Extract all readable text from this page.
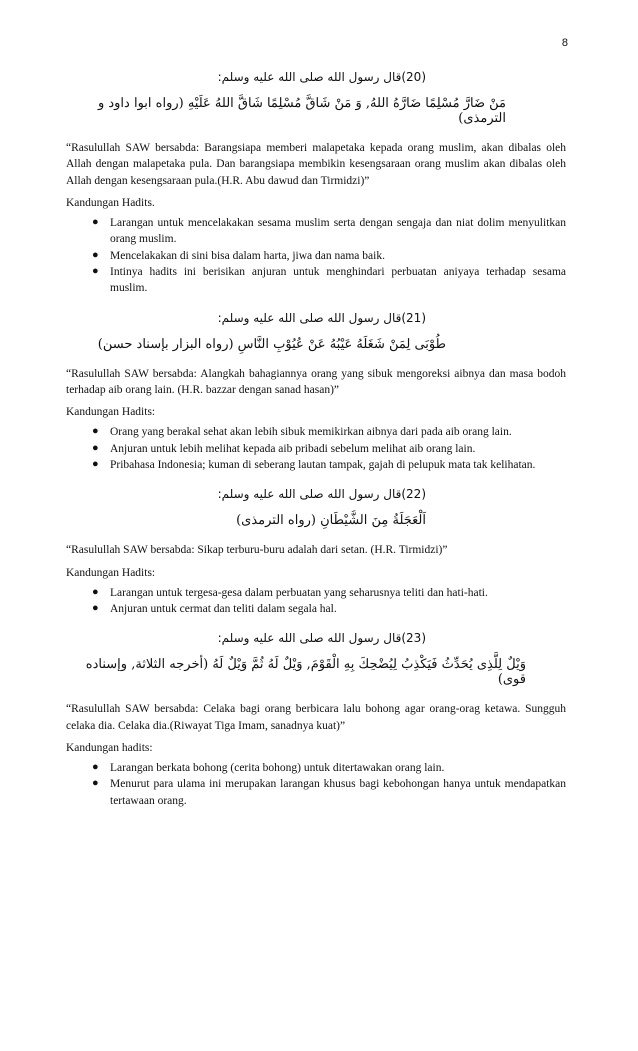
8
(20)قال رسول الله صلى الله عليه وسلم:
مَنْ ضَارَّ مُسْلِمًا ضَارَّهُ اللهُ, وَ مَنْ شَاقَّ مُسْلِمًا شَاقَّ اللهُ عَلَيْهِ (رواه ابوا داود و الترمذى)

“Rasulullah SAW bersabda: Barangsiapa memberi malapetaka kepada orang muslim, akan dibalas oleh Allah dengan malapetaka pula. Dan barangsiapa membikin kesengsaraan orang muslim akan dibalas oleh Allah dengan kesengsaraan pula.(H.R. Abu dawud dan Tirmidzi)”

Kandungan Hadits.

● Larangan untuk mencelakakan sesama muslim serta dengan sengaja dan niat dolim menyulitkan orang muslim.
● Mencelakakan di sini bisa dalam harta, jiwa dan nama baik.
● Intinya hadits ini berisikan anjuran untuk menghindari perbuatan aniyaya terhadap sesama muslim.
(21)قال رسول الله صلى الله عليه وسلم:
طُوْبَى لِمَنْ شَغَلَهُ عَيْبُهُ عَنْ عُيُوْبِ النَّاسِ (رواه البزار بإسناد حسن)

“Rasulullah SAW bersabda: Alangkah bahagiannya orang yang sibuk mengoreksi aibnya dan masa bodoh terhadap aib orang lain. (H.R. bazzar dengan sanad hasan)”

Kandungan Hadits:

● Orang yang berakal sehat akan lebih sibuk memikirkan aibnya dari pada aib orang lain.
● Anjuran untuk lebih melihat kepada aib pribadi sebelum melihat aib orang lain.
● Pribahasa Indonesia; kuman di seberang lautan tampak, gajah di pelupuk mata tak kelihatan.
(22)قال رسول الله صلى الله عليه وسلم:
اَلْعَجَلَةُ مِنَ الشَّيْطَانِ (رواه الترمذى)

“Rasulullah SAW bersabda: Sikap terburu-buru adalah dari setan. (H.R. Tirmidzi)”

Kandungan Hadits:

● Larangan untuk tergesa-gesa dalam perbuatan yang seharusnya teliti dan hati-hati.
● Anjuran untuk cermat dan teliti dalam segala hal.
(23)قال رسول الله صلى الله عليه وسلم:
وَيْلٌ لِلَّذِى يُحَدِّثُ فَيَكْذِبُ لِيُضْحِكَ بِهِ الْقَوْمَ, وَيْلٌ لَهُ ثُمَّ وَيْلٌ لَهُ (أخرجه الثلاثة, وإسناده قوى)

“Rasulullah SAW bersabda: Celaka bagi orang berbicara lalu bohong agar orang-orag ketawa. Sungguh celaka dia. Celaka dia.(Riwayat Tiga Imam, sanadnya kuat)”

Kandungan hadits:

● Larangan berkata bohong (cerita bohong) untuk ditertawakan orang lain.
● Menurut para ulama ini merupakan larangan khusus bagi kebohongan hanya untuk mendapatkan tertawaan orang.
